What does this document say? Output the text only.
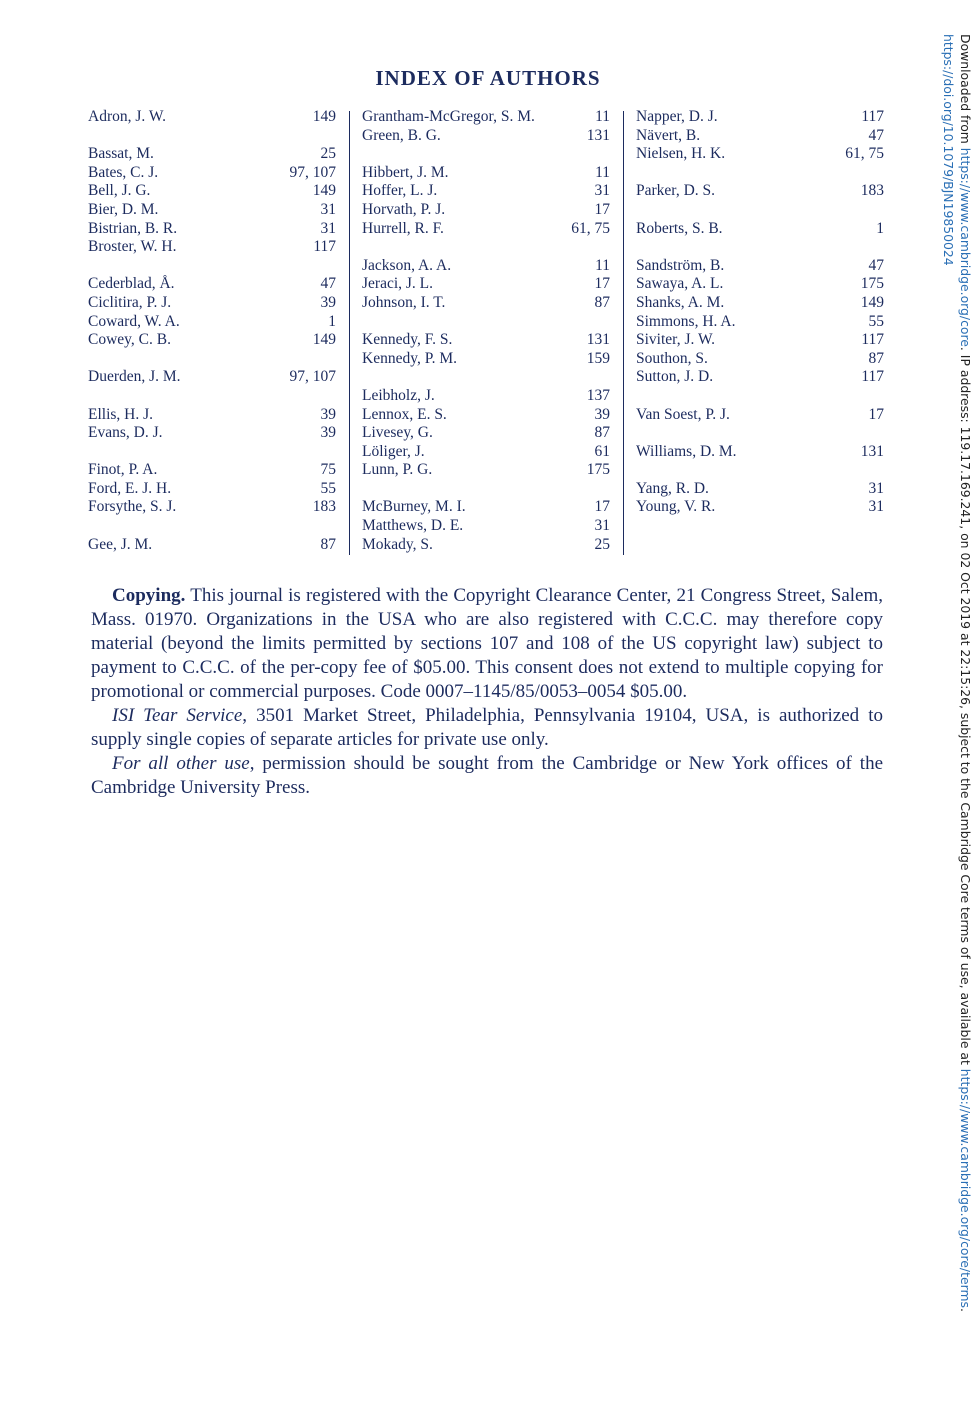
INDEX OF AUTHORS
Adron, J. W.	149
Bassat, M.	25
Bates, C. J.	97, 107
Bell, J. G.	149
Bier, D. M.	31
Bistrian, B. R.	31
Broster, W. H.	117
Cederblad, Å.	47
Ciclitira, P. J.	39
Coward, W. A.	1
Cowey, C. B.	149
Duerden, J. M.	97, 107
Ellis, H. J.	39
Evans, D. J.	39
Finot, P. A.	75
Ford, E. J. H.	55
Forsythe, S. J.	183
Gee, J. M.	87
Grantham-McGregor, S. M.	11
Green, B. G.	131
Hibbert, J. M.	11
Hoffer, L. J.	31
Horvath, P. J.	17
Hurrell, R. F.	61, 75
Jackson, A. A.	11
Jeraci, J. L.	17
Johnson, I. T.	87
Kennedy, F. S.	131
Kennedy, P. M.	159
Leibholz, J.	137
Lennox, E. S.	39
Livesey, G.	87
Löliger, J.	61
Lunn, P. G.	175
McBurney, M. I.	17
Matthews, D. E.	31
Mokady, S.	25
Napper, D. J.	117
Nävert, B.	47
Nielsen, H. K.	61, 75
Parker, D. S.	183
Roberts, S. B.	1
Sandström, B.	47
Sawaya, A. L.	175
Shanks, A. M.	149
Simmons, H. A.	55
Siviter, J. W.	117
Southon, S.	87
Sutton, J. D.	117
Van Soest, P. J.	17
Williams, D. M.	131
Yang, R. D.	31
Young, V. R.	31

Copying. This journal is registered with the Copyright Clearance Center, 21 Congress Street, Salem, Mass. 01970. Organizations in the USA who are also registered with C.C.C. may therefore copy material (beyond the limits permitted by sections 107 and 108 of the US copyright law) subject to payment to C.C.C. of the per-copy fee of $05.00. This consent does not extend to multiple copying for promotional or commercial purposes. Code 0007–1145/85/0053–0054 $05.00.

ISI Tear Service, 3501 Market Street, Philadelphia, Pennsylvania 19104, USA, is authorized to supply single copies of separate articles for private use only.

For all other use, permission should be sought from the Cambridge or New York offices of the Cambridge University Press.

Downloaded from https://www.cambridge.org/core. IP address: 119.17.169.241, on 02 Oct 2019 at 22:15:26, subject to the Cambridge Core terms of use, available at https://www.cambridge.org/core/terms.
https://doi.org/10.1079/BJN19850024
